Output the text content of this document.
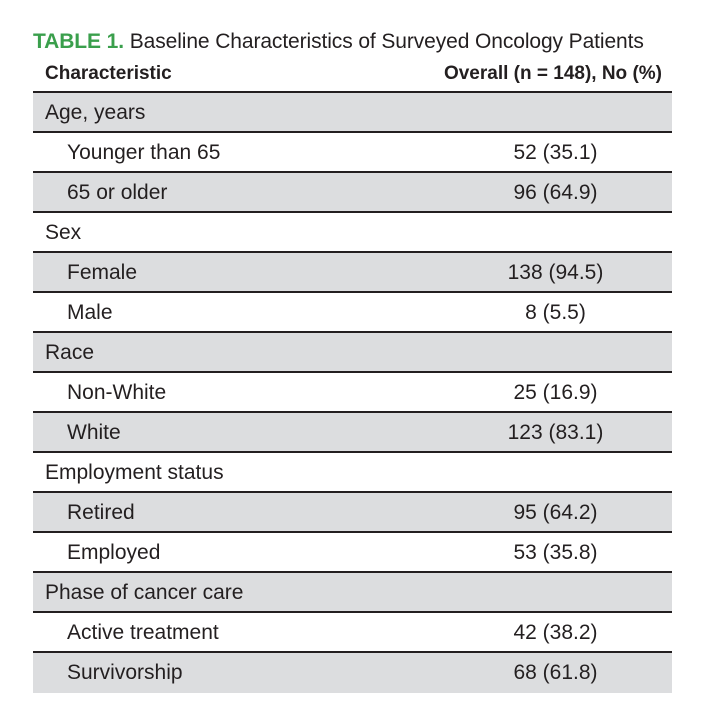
TABLE 1. Baseline Characteristics of Surveyed Oncology Patients
Characteristic	Overall (n = 148), No (%)
Age, years
Younger than 65	52 (35.1)
65 or older	96 (64.9)
Sex
Female	138 (94.5)
Male	8 (5.5)
Race
Non-White	25 (16.9)
White	123 (83.1)
Employment status
Retired	95 (64.2)
Employed	53 (35.8)
Phase of cancer care
Active treatment	42 (38.2)
Survivorship	68 (61.8)
